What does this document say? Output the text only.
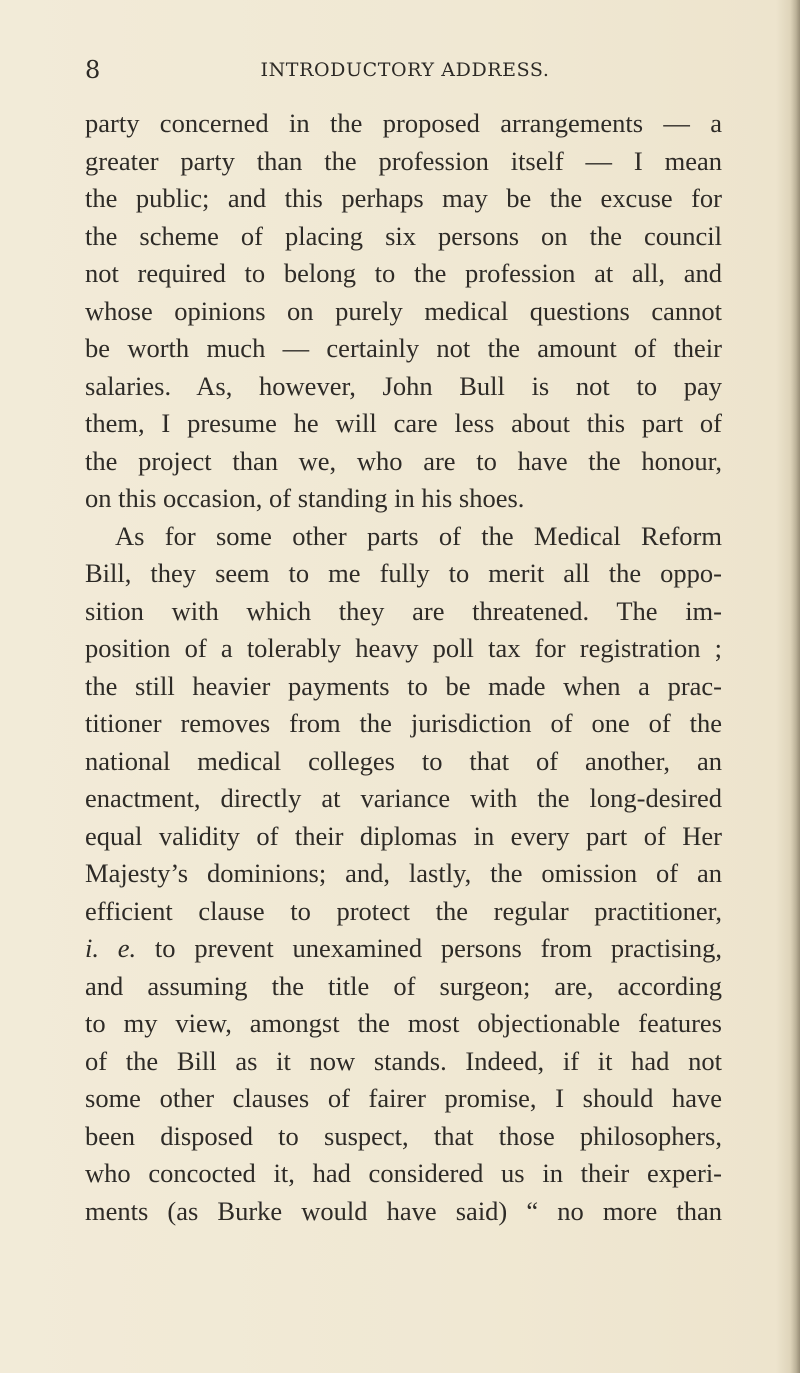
8	INTRODUCTORY ADDRESS.
party concerned in the proposed arrangements — a
greater party than the profession itself — I mean
the public; and this perhaps may be the excuse for
the scheme of placing six persons on the council
not required to belong to the profession at all, and
whose opinions on purely medical questions cannot
be worth much — certainly not the amount of their
salaries. As, however, John Bull is not to pay
them, I presume he will care less about this part of
the project than we, who are to have the honour,
on this occasion, of standing in his shoes.
As for some other parts of the Medical Reform
Bill, they seem to me fully to merit all the oppo-
sition with which they are threatened. The im-
position of a tolerably heavy poll tax for registration ;
the still heavier payments to be made when a prac-
titioner removes from the jurisdiction of one of the
national medical colleges to that of another, an
enactment, directly at variance with the long-desired
equal validity of their diplomas in every part of Her
Majesty’s dominions; and, lastly, the omission of an
efficient clause to protect the regular practitioner,
i. e. to prevent unexamined persons from practising,
and assuming the title of surgeon; are, according
to my view, amongst the most objectionable features
of the Bill as it now stands. Indeed, if it had not
some other clauses of fairer promise, I should have
been disposed to suspect, that those philosophers,
who concocted it, had considered us in their experi-
ments (as Burke would have said) “ no more than
